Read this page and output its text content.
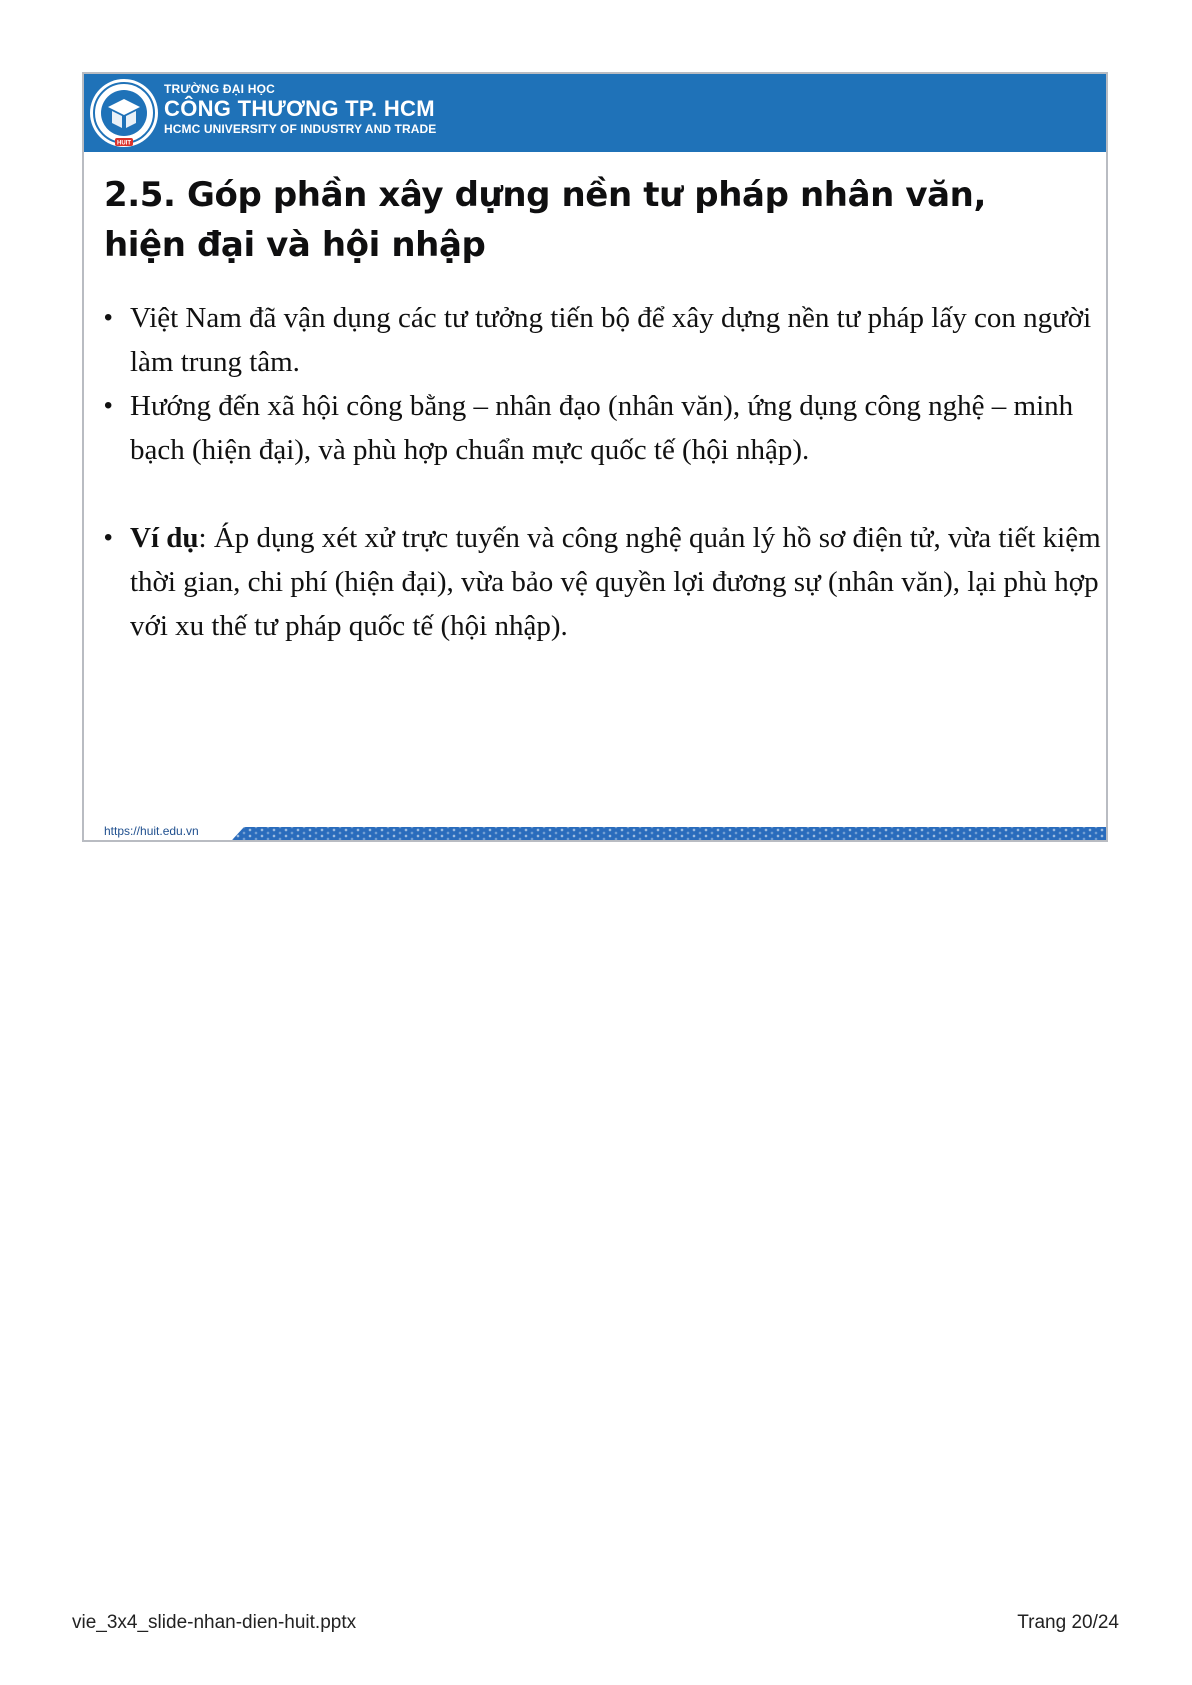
HUIT
TRƯỜNG ĐẠI HỌC
CÔNG THƯƠNG TP. HCM
HCMC UNIVERSITY OF INDUSTRY AND TRADE
2.5. Góp phần xây dựng nền tư pháp nhân văn, hiện đại và hội nhập
• Việt Nam đã vận dụng các tư tưởng tiến bộ để xây dựng nền tư pháp lấy con người làm trung tâm.
• Hướng đến xã hội công bằng – nhân đạo (nhân văn), ứng dụng công nghệ – minh bạch (hiện đại), và phù hợp chuẩn mực quốc tế (hội nhập).
• Ví dụ: Áp dụng xét xử trực tuyến và công nghệ quản lý hồ sơ điện tử, vừa tiết kiệm thời gian, chi phí (hiện đại), vừa bảo vệ quyền lợi đương sự (nhân văn), lại phù hợp với xu thế tư pháp quốc tế (hội nhập).
https://huit.edu.vn
vie_3x4_slide-nhan-dien-huit.pptx	Trang 20/24
